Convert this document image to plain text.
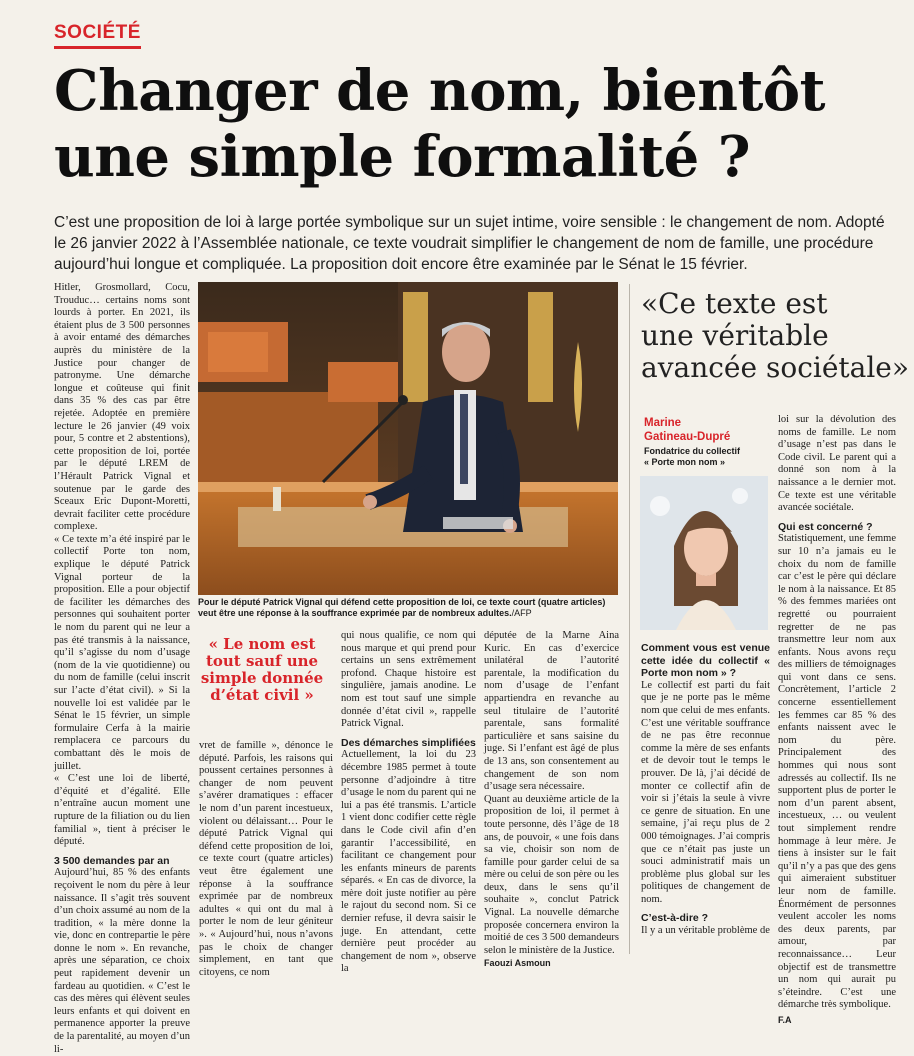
SOCIÉTÉ
Changer de nom, bientôt
une simple formalité ?

C’est une proposition de loi à large portée symbolique sur un sujet intime, voire sensible : le changement de nom. Adopté le 26 janvier 2022 à l’Assemblée nationale, ce texte voudrait simplifier le changement de nom de famille, une procédure aujourd’hui longue et compliquée. La proposition doit encore être examinée par le Sénat le 15 février.

Hitler, Grosmollard, Cocu, Trouduc… certains noms sont lourds à porter. En 2021, ils étaient plus de 3 500 personnes à avoir entamé des démarches auprès du ministère de la Justice pour changer de patronyme. Une démarche longue et coûteuse qui finit dans 35 % des cas par être rejetée. Adoptée en première lecture le 26 janvier (49 voix pour, 5 contre et 2 abstentions), cette proposition de loi, portée par le député LREM de l’Hérault Patrick Vignal et soutenue par le garde des Sceaux Eric Dupont-Moretti, devrait faciliter cette procédure complexe.

« Ce texte m’a été inspiré par le collectif Porte ton nom, explique le député Patrick Vignal porteur de la proposition. Elle a pour objectif de faciliter les démarches des personnes qui souhaitent porter le nom du parent qui ne leur a pas été transmis à la naissance, qu’il s’agisse du nom d’usage (nom de la vie quotidienne) ou du nom de famille (celui inscrit sur l’acte d’état civil). » Si la nouvelle loi est validée par le Sénat le 15 février, un simple formulaire Cerfa à la mairie remplacera ce parcours du combattant dès le mois de juillet.

« C’est une loi de liberté, d’équité et d’égalité. Elle n’entraîne aucun moment une rupture de la filiation ou du lien familial », tient à préciser le député.

3 500 demandes par an

Aujourd’hui, 85 % des enfants reçoivent le nom du père à leur naissance. Il s’agit très souvent d’un choix assumé au nom de la tradition, « la mère donne la vie, donc en contrepartie le père donne le nom ». En revanche, après une séparation, ce choix peut rapidement devenir un fardeau au quotidien. « C’est le cas des mères qui élèvent seules leurs enfants et qui doivent en permanence apporter la preuve de la parentalité, au moyen d’un li-

Pour le député Patrick Vignal qui défend cette proposition de loi, ce texte court (quatre articles) veut être une réponse à la souffrance exprimée par de nombreux adultes./AFP

« Le nom est tout sauf une simple donnée d’état civil »

vret de famille », dénonce le député. Parfois, les raisons qui poussent certaines personnes à changer de nom peuvent s’avérer dramatiques : effacer le nom d’un parent incestueux, violent ou délaissant… Pour le député Patrick Vignal qui défend cette proposition de loi, ce texte court (quatre articles) veut être également une réponse à la souffrance exprimée par de nombreux adultes « qui ont du mal à porter le nom de leur géniteur ». « Aujourd’hui, nous n’avons pas le choix de changer simplement, en tant que citoyens, ce nom

qui nous qualifie, ce nom qui nous marque et qui prend pour certains un sens extrêmement profond. Chaque histoire est singulière, jamais anodine. Le nom est tout sauf une simple donnée d’état civil », rappelle Patrick Vignal.

Des démarches simplifiées

Actuellement, la loi du 23 décembre 1985 permet à toute personne d’adjoindre à titre d’usage le nom du parent qui ne lui a pas été transmis. L’article 1 vient donc codifier cette règle dans le Code civil afin d’en garantir l’accessibilité, en facilitant ce changement pour les enfants mineurs de parents séparés. « En cas de divorce, la mère doit juste notifier au père le rajout du second nom. Si ce dernier refuse, il devra saisir le juge. En attendant, cette dernière peut procéder au changement de nom », observe la

députée de la Marne Aina Kuric. En cas d’exercice unilatéral de l’autorité parentale, la modification du nom d’usage de l’enfant appartiendra en revanche au seul titulaire de l’autorité parentale, sans formalité particulière et sans saisine du juge. Si l’enfant est âgé de plus de 13 ans, son consentement au changement de son nom d’usage sera nécessaire.

Quant au deuxième article de la proposition de loi, il permet à toute personne, dès l’âge de 18 ans, de pouvoir, « une fois dans sa vie, choisir son nom de famille pour garder celui de sa mère ou celui de son père ou les deux, dans le sens qu’il souhaite », conclut Patrick Vignal. La nouvelle démarche proposée concernera environ la moitié de ces 3 500 demandeurs selon le ministère de la Justice.

Faouzi Asmoun

«Ce texte est
une véritable
avancée sociétale»
Marine
Gatineau-Dupré
Fondatrice du collectif
« Porte mon nom »

Comment vous est venue cette idée du collectif « Porte mon nom » ?

Le collectif est parti du fait que je ne porte pas le même nom que celui de mes enfants. C’est une véritable souffrance de ne pas être reconnue comme la mère de ses enfants et de devoir tout le temps le prouver. De là, j’ai décidé de monter ce collectif afin de voir si j’étais la seule à vivre ce genre de situation. En une semaine, j’ai reçu plus de 2 000 témoignages. J’ai compris que ce n’était pas juste un souci administratif mais un problème plus global sur les politiques de changement de nom.

C’est-à-dire ?

Il y a un véritable problème de

loi sur la dévolution des noms de famille. Le nom d’usage n’est pas dans le Code civil. Le parent qui a donné son nom à la naissance a le dernier mot. Ce texte est une véritable avancée sociétale.

Qui est concerné ?

Statistiquement, une femme sur 10 n’a jamais eu le choix du nom de famille car c’est le père qui déclare le nom à la naissance. Et 85 % des femmes mariées ont regretté ou pourraient regretter de ne pas transmettre leur nom aux enfants. Nous avons reçu des milliers de témoignages qui vont dans ce sens. Concrètement, l’article 2 concerne essentiellement les femmes car 85 % des enfants naissent avec le nom du père. Principalement des hommes qui nous sont adressés au collectif. Ils ne supportent plus de porter le nom d’un parent absent, incestueux, … ou veulent tout simplement rendre hommage à leur mère. Je tiens à insister sur le fait qu’il n’y a pas que des gens qui aimeraient substituer leur nom de famille. Énormément de personnes veulent accoler les noms des deux parents, par amour, par reconnaissance… Leur objectif est de transmettre un nom qui aurait pu s’éteindre. C’est une démarche très symbolique.

F.A
